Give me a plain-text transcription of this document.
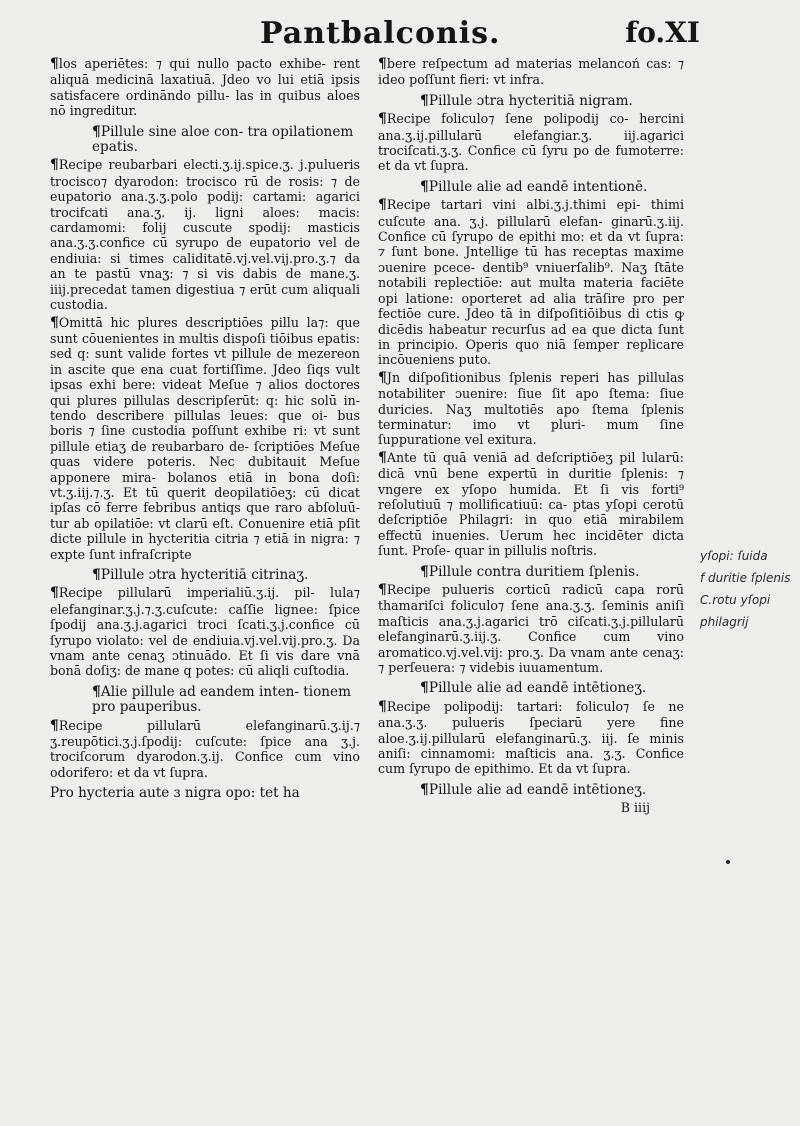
Pantbalconis.	fo.XI

¶los aperiētes: ⁊ qui nullo pacto exhibe- rent aliquā medicinā laxatiuā. Jdeo vo lui etiā ipsis satisfacere ordināndo pillu- las in quibus aloes nō ingreditur.

¶Pillule sine aloe con- tra opilationem epatis.

¶Recipe reubarbari electi.ʒ.ij.spice.ʒ. j.pulueris trocisco⁊ dyarodon: trocisco rū de rosis: ⁊ de eupatorio ana.ʒ.ʒ.polo podij: cartami: agarici trocifcati ana.ʒ. ij. ligni aloes: macis: cardamomi: folij cuscute spodij: masticis ana.ʒ.ʒ.confice cū syrupo de eupatorio vel de endiuia: si times caliditatē.vj.vel.vij.pro.ʒ.⁊ da an te pastū vnaʒ: ⁊ si vis dabis de mane.ʒ. iiij.precedat tamen digestiua ⁊ erūt cum aliquali custodia.

¶Omittā hic plures descriptiōes pillu la⁊: que sunt cōuenientes in multis dispoſi tiōibus epatis: sed q: sunt valide fortes vt pillule de mezereon in ascite que ena cuat fortiſſime. Jdeo ſiqs vult ipsas exhi bere: videat Meſue ⁊ alios doctores qui plures pillulas descripſerūt: q: hic solū in- tendo describere pillulas leues: que oi- bus boris ⁊ ſine custodia poſſunt exhibe ri: vt sunt pillule etiaʒ de reubarbaro de- ſcriptiōes Meſue quas videre poteris. Nec dubitauit Meſue apponere mira- bolanos etiā in bona doſi: vt.ʒ.iij.⁊.ʒ. Et tū querit deopilatiōeʒ: cū dicat ipſas cō ferre febribus antiqs que raro abſoluū- tur ab opilatiōe: vt clarū eſt. Conuenire etiā pſit dicte pillule in hycteritia citria ⁊ etiā in nigra: ⁊ expte ſunt infraſcripte

¶Pillule ɔtra hycteritiā citrinaʒ.

¶Recipe pillularū imperialiū.ʒ.ij. pil- lula⁊ elefanginar.ʒ.j.⁊.ʒ.cuſcute: caſſie lignee: ſpice ſpodij ana.ʒ.j.agarici troci ſcati.ʒ.j.confice cū ſyrupo violato: vel de endiuia.vj.vel.vij.pro.ʒ. Da vnam ante cenaʒ ɔtinuādo. Et ſi vis dare vnā bonā doſiʒ: de mane q potes: cū aliqli cuſtodia.

¶Alie pillule ad eandem inten- tionem pro pauperibus.

¶Recipe pillularū elefanginarū.ʒ.ij.⁊ ʒ.reupōtici.ʒ.j.ſpodij: cuſcute: ſpice ana ʒ.j. trociſcorum dyarodon.ʒ.ij. Confice cum vino odorifero: et da vt ſupra.

Pro hycteria aute ɜ nigra opo: tet ha

¶bere reſpectum ad materias melancoń cas: ⁊ ideo poſſunt fieri: vt infra.

¶Pillule ɔtra hycteritiā nigram.

¶Recipe foliculo⁊ ſene polipodij co- hercini ana.ʒ.ij.pillularū elefangiar.ʒ. iij.agarici trociſcati.ʒ.ʒ. Confice cū ſyru po de fumoterre: et da vt ſupra.

¶Pillule alie ad eandē intentionē.

¶Recipe tartari vini albi.ʒ.j.thimi epi- thimi cuſcute ana. ʒ.j. pillularū elefan- ginarū.ʒ.iij. Confice cū ſyrupo de epithi mo: et da vt ſupra: ⁊ ſunt bone. Jntellige tū has receptas maxime ɔuenire pcece- dentib⁹ vniuerſalib⁹. Naʒ ſtāte notabili replectiōe: aut multa materia faciēte opi latione: oporteret ad alia trāſire pro per fectiōe cure. Jdeo tā in diſpoſitiōibus di ctis ꝙ dicēdis habeatur recurſus ad ea que dicta ſunt in principio. Operis quo niā ſemper replicare incōueniens puto.

¶Jn diſpoſitionibus ſplenis reperi has pillulas notabiliter ɔuenire: ſiue ſit apo ſtema: ſiue duricies. Naʒ multotiēs apo ſtema ſplenis terminatur: imo vt pluri- mum ſine ſuppuratione vel exitura.

¶Ante tū quā veniā ad deſcriptiōeʒ pil lularū: dicā vnū bene expertū in duritie ſplenis: ⁊ vngere ex yſopo humida. Et ſi vis forti⁹ reſolutiuū ⁊ mollificatiuū: ca- ptas yſopi cerotū deſcriptiōe Philagri: in quo etiā mirabilem effectū inuenies. Uerum hec incidēter dicta ſunt. Proſe- quar in pillulis noſtris.

¶Pillule contra duritiem ſplenis.

¶Recipe pulueris corticū radicū capa rorū thamariſci foliculo⁊ ſene ana.ʒ.ʒ. ſeminis aniſi maſticis ana.ʒ.j.agarici trō ciſcati.ʒ.j.pillularū elefanginarū.ʒ.iij.ʒ. Confice cum vino aromatico.vj.vel.vij: pro.ʒ. Da vnam ante cenaʒ: ⁊ perſeuera: ⁊ videbis iuuamentum.

¶Pillule alie ad eandē intētioneʒ.

¶Recipe polipodij: tartari: foliculo⁊ ſe ne ana.ʒ.ʒ. pulueris ſpeciarū yere fine aloe.ʒ.ij.pillularū elefanginarū.ʒ. iij. ſe minis aniſi: cinnamomi: maſticis ana. ʒ.ʒ. Confice cum ſyrupo de epithimo. Et da vt ſupra.

¶Pillule alie ad eandē intētioneʒ.

B iiij

yſopi: ſuida
f duritie ſplenis
C.rotu yſopi
philagrij
